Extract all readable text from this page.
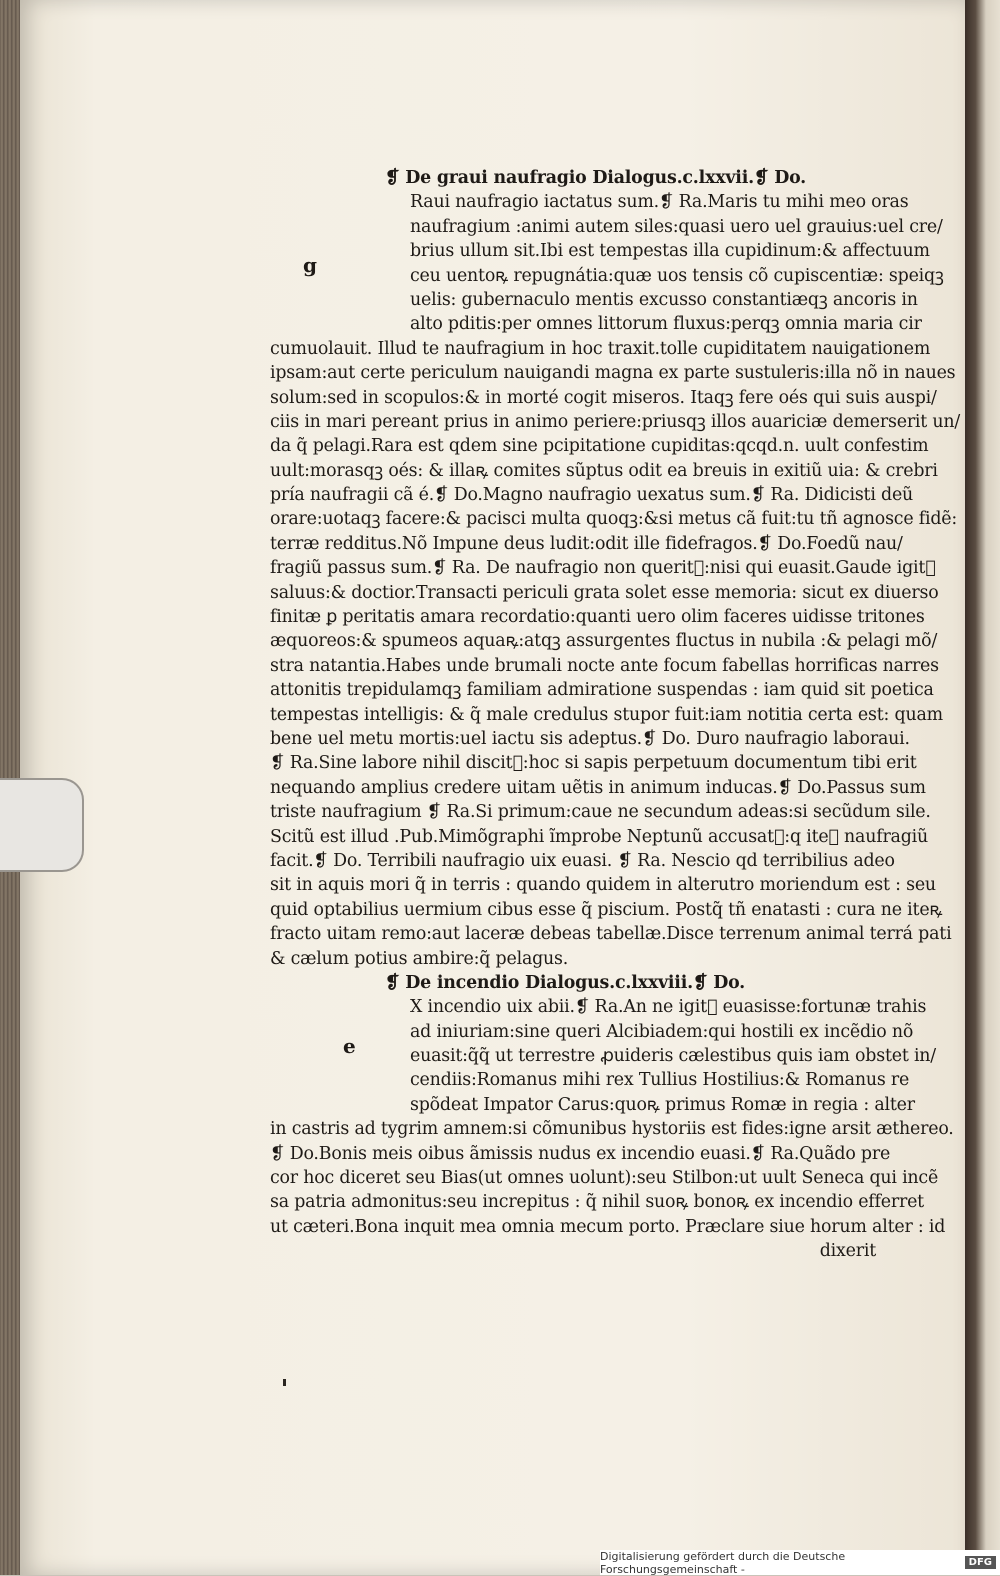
g
e
❡ De graui naufragio Dialogus.c.lxxvii.❡ Do.
Raui naufragio iactatus sum.❡ Ra.Maris tu mihi meo oras
naufragium :animi autem siles:quasi uero uel grauius:uel cre/
brius ullum sit.Ibi est tempestas illa cupidinum:& affectuum
ceu uentoꝶ repugnátia:quæ uos tensis cõ cupiscentiæ: speiqꝫ
uelis: gubernaculo mentis excusso constantiæqꝫ ancoris in
alto pditis:per omnes littorum fluxus:perqꝫ omnia maria cir
cumuolauit. Illud te naufragium in hoc traxit.tolle cupiditatem nauigationem
ipsam:aut certe periculum nauigandi magna ex parte sustuleris:illa nõ in naues
solum:sed in scopulos:& in morté cogit miseros. Itaqꝫ fere oés qui suis auspi/
ciis in mari pereant prius in animo periere:priusqꝫ illos auariciæ demerserit un/
da q̃ pelagi.Rara est qdem sine pcipitatione cupiditas:qcqd.n. uult confestim
uult:morasqꝫ oés: & illaꝶ comites sũptus odit ea breuis in exitiũ uia: & crebri
pría naufragii cã é.❡ Do.Magno naufragio uexatus sum.❡ Ra. Didicisti deũ
orare:uotaqꝫ facere:& pacisci multa quoqꝫ:&si metus cã fuit:tu tñ agnosce fidẽ:
terræ redditus.Nõ Impune deus ludit:odit ille fidefragos.❡ Do.Foedũ nau/
fragiũ passus sum.❡ Ra. De naufragio non queritᷣ:nisi qui euasit.Gaude igitᷣ
saluus:& doctior.Transacti periculi grata solet esse memoria: sicut ex diuerso
finitæ ꝑ peritatis amara recordatio:quanti uero olim faceres uidisse tritones
æquoreos:& spumeos aquaꝶ:atqꝫ assurgentes fluctus in nubila :& pelagi mõ/
stra natantia.Habes unde brumali nocte ante focum fabellas horrificas narres
attonitis trepidulamqꝫ familiam admiratione suspendas : iam quid sit poetica
tempestas intelligis: & q̃ male credulus stupor fuit:iam notitia certa est: quam
bene uel metu mortis:uel iactu sis adeptus.❡ Do. Duro naufragio laboraui.
❡ Ra.Sine labore nihil discitᷣ:hoc si sapis perpetuum documentum tibi erit
nequando amplius credere uitam uẽtis in animum inducas.❡ Do.Passus sum
triste naufragium ❡ Ra.Si primum:caue ne secundum adeas:si secũdum sile.
Scitũ est illud .Pub.Mimõgraphi ĩmprobe Neptunũ accusatᷣ:q iteꝶ naufragiũ
facit.❡ Do. Terribili naufragio uix euasi. ❡ Ra. Nescio qd terribilius adeo
sit in aquis mori q̃ in terris : quando quidem in alterutro moriendum est : seu
quid optabilius uermium cibus esse q̃ piscium. Postq̃ tñ enatasti : cura ne iteꝶ
fracto uitam remo:aut laceræ debeas tabellæ.Disce terrenum animal terrá pati
& cælum potius ambire:q̃ pelagus.
❡ De incendio Dialogus.c.lxxviii.❡ Do.
X incendio uix abii.❡ Ra.An ne igitᷣ euasisse:fortunæ trahis
ad iniuriam:sine queri Alcibiadem:qui hostili ex incẽdio nõ
euasit:q̃q̃ ut terrestre ꝓuideris cælestibus quis iam obstet in/
cendiis:Romanus mihi rex Tullius Hostilius:& Romanus re
spõdeat Impator Carus:quoꝶ primus Romæ in regia : alter
in castris ad tygrim amnem:si cõmunibus hystoriis est fides:igne arsit æthereo.
❡ Do.Bonis meis oibus ãmissis nudus ex incendio euasi.❡ Ra.Quãdo pre
cor hoc diceret seu Bias(ut omnes uolunt):seu Stilbon:ut uult Seneca qui incẽ
sa patria admonitus:seu increpitus : q̃ nihil suoꝶ bonoꝶ ex incendio efferret
ut cæteri.Bona inquit mea omnia mecum porto. Præclare siue horum alter : id
dixerit
Digitalisierung gefördert durch die Deutsche Forschungsgemeinschaft -	DFG
